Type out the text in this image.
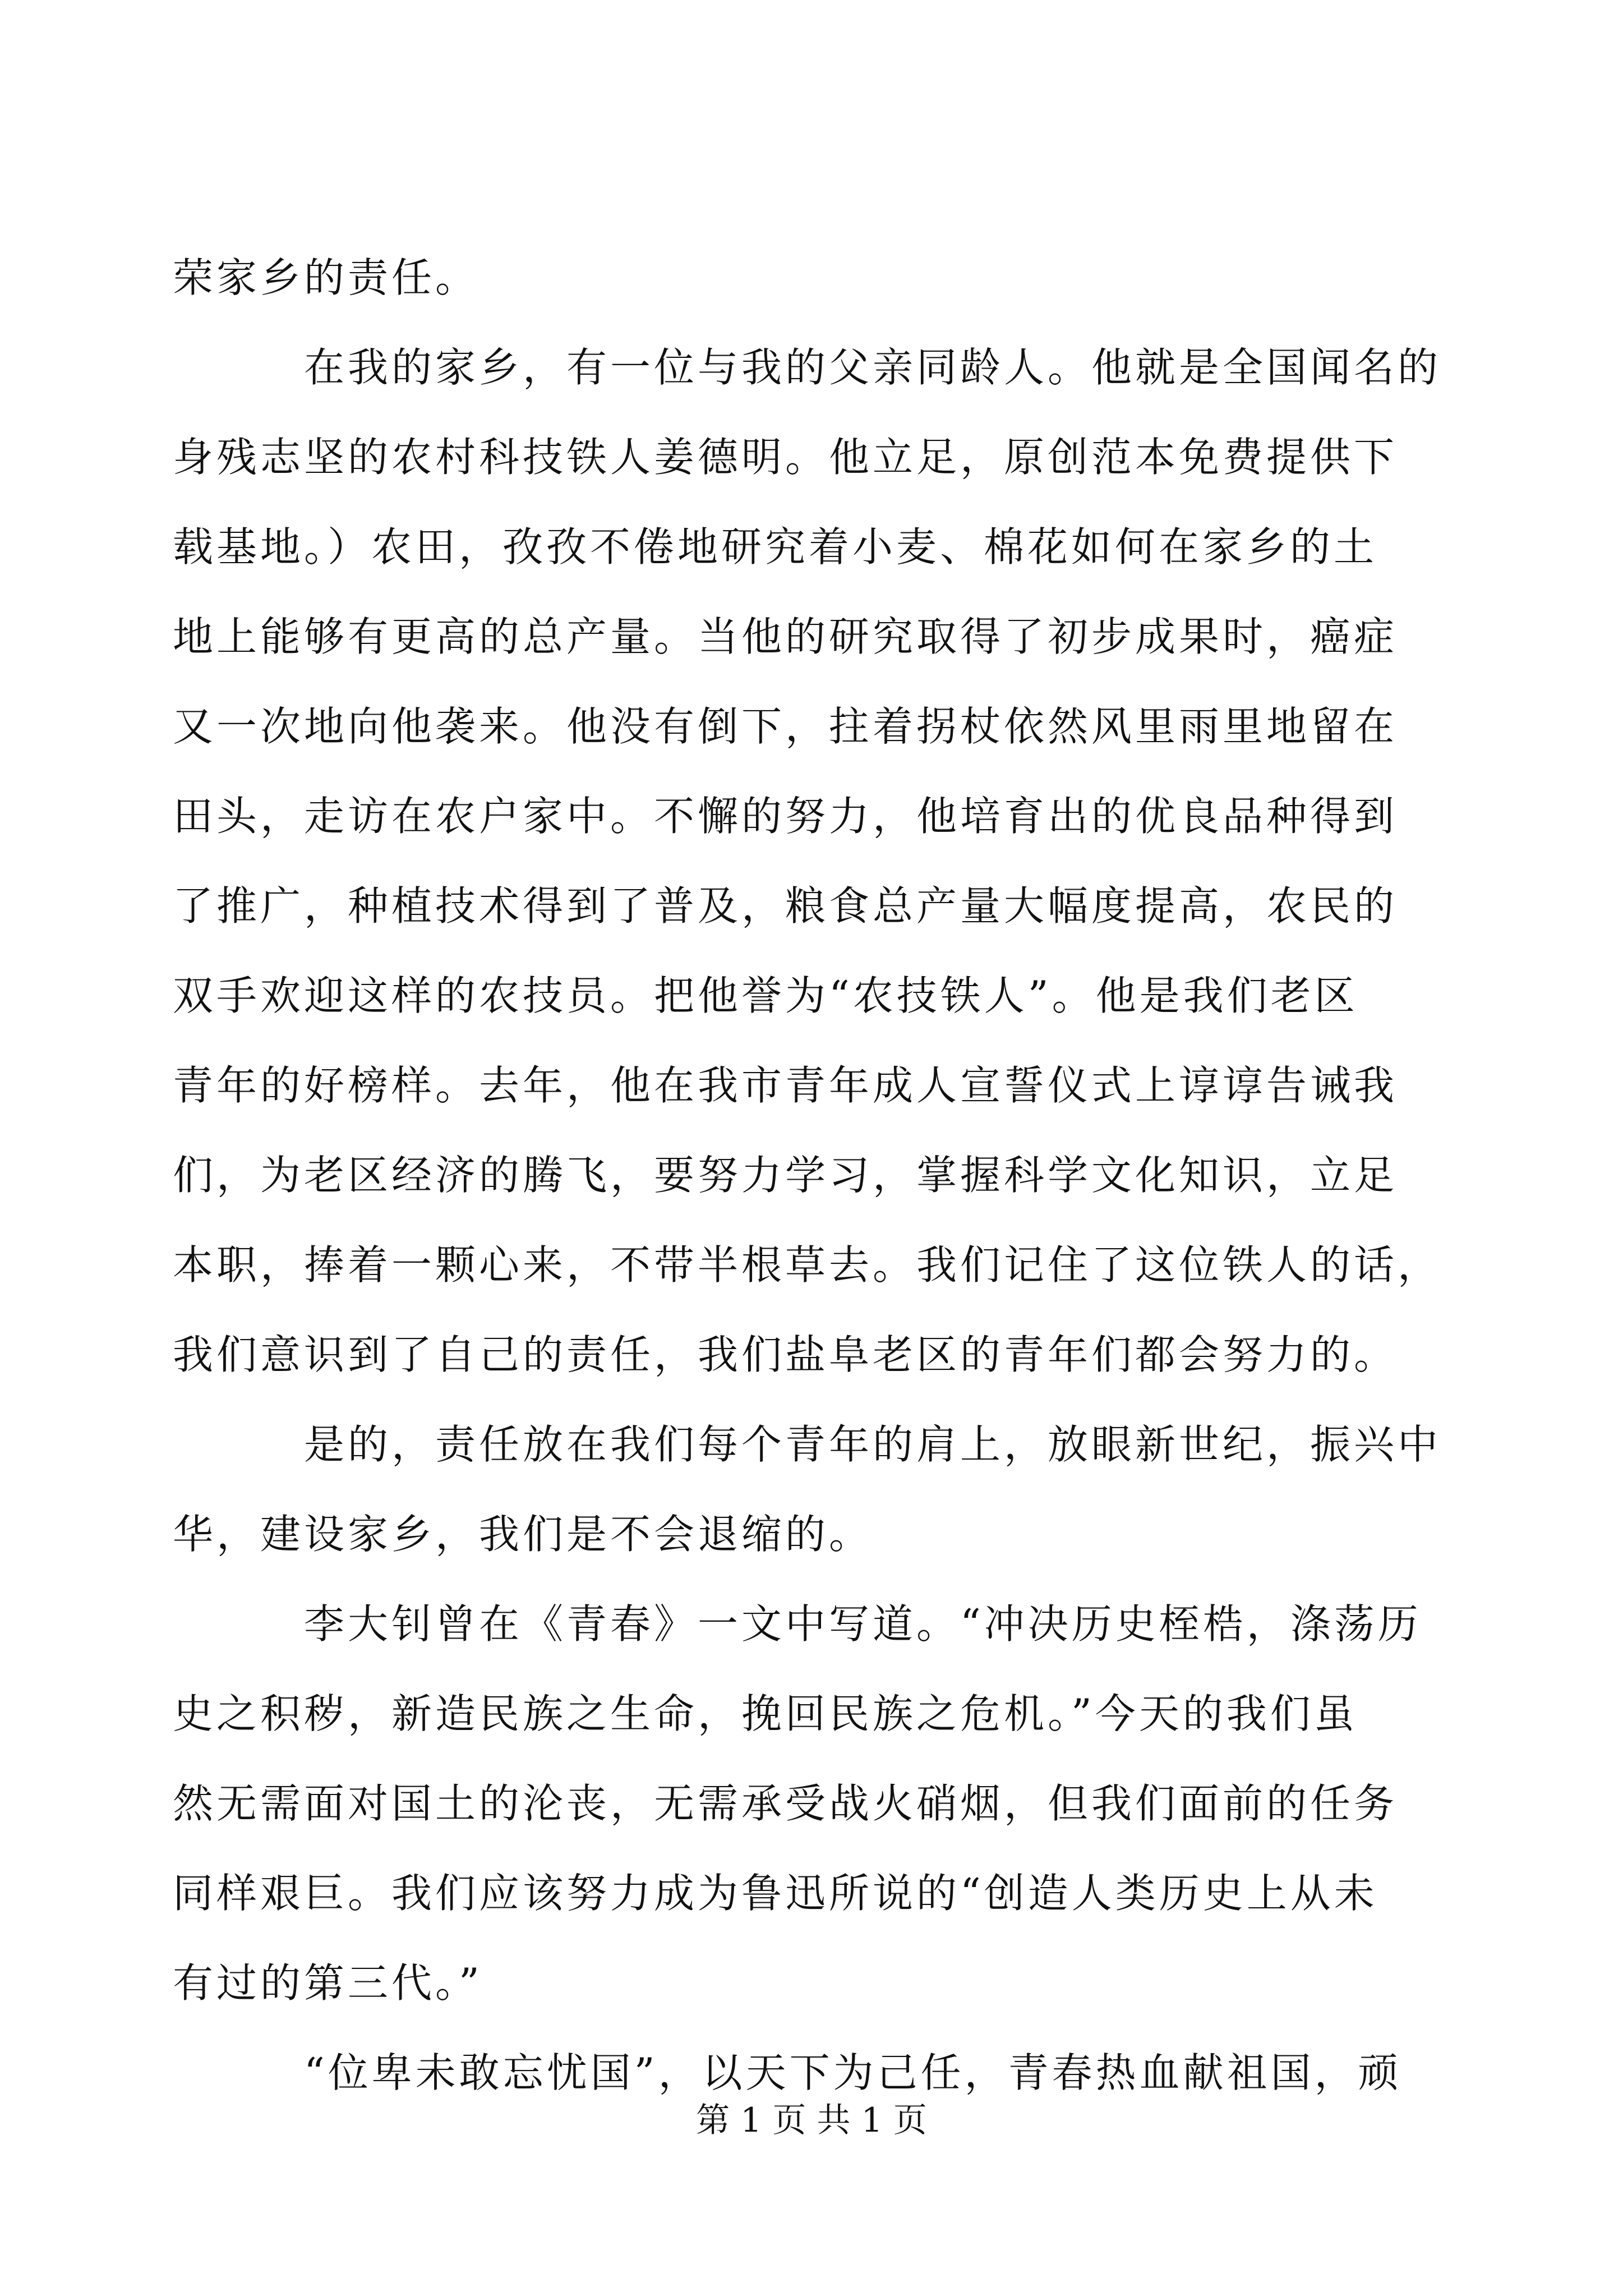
荣家乡的责任。
在我的家乡，有一位与我的父亲同龄人。他就是全国闻名的
身残志坚的农村科技铁人姜德明。他立足，原创范本免费提供下
载基地。）农田，孜孜不倦地研究着小麦、棉花如何在家乡的土
地上能够有更高的总产量。当他的研究取得了初步成果时，癌症
又一次地向他袭来。他没有倒下，拄着拐杖依然风里雨里地留在
田头，走访在农户家中。不懈的努力，他培育出的优良品种得到
了推广，种植技术得到了普及，粮食总产量大幅度提高，农民的
双手欢迎这样的农技员。把他誉为“农技铁人”。他是我们老区
青年的好榜样。去年，他在我市青年成人宣誓仪式上谆谆告诫我
们，为老区经济的腾飞，要努力学习，掌握科学文化知识，立足
本职，捧着一颗心来，不带半根草去。我们记住了这位铁人的话，
我们意识到了自己的责任，我们盐阜老区的青年们都会努力的。
是的，责任放在我们每个青年的肩上，放眼新世纪，振兴中
华，建设家乡，我们是不会退缩的。
李大钊曾在《青春》一文中写道。“冲决历史桎梏，涤荡历
史之积秽，新造民族之生命，挽回民族之危机。”今天的我们虽
然无需面对国土的沦丧，无需承受战火硝烟，但我们面前的任务
同样艰巨。我们应该努力成为鲁迅所说的“创造人类历史上从未
有过的第三代。”
“位卑未敢忘忧国”，以天下为己任，青春热血献祖国，顽
第 1 页 共 1 页
